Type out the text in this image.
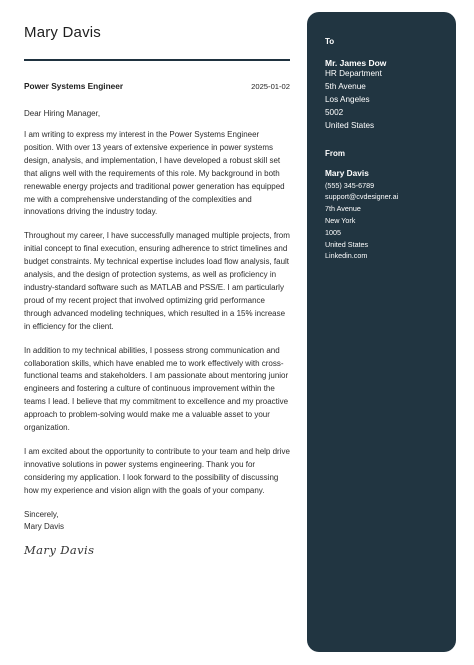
Mary Davis
Power Systems Engineer	2025-01-02
Dear Hiring Manager,

I am writing to express my interest in the Power Systems Engineer position. With over 13 years of extensive experience in power systems design, analysis, and implementation, I have developed a robust skill set that aligns well with the requirements of this role. My background in both renewable energy projects and traditional power generation has equipped me with a comprehensive understanding of the complexities and innovations driving the industry today.

Throughout my career, I have successfully managed multiple projects, from initial concept to final execution, ensuring adherence to strict timelines and budget constraints. My technical expertise includes load flow analysis, fault analysis, and the design of protection systems, as well as proficiency in industry-standard software such as MATLAB and PSS/E. I am particularly proud of my recent project that involved optimizing grid performance through advanced modeling techniques, which resulted in a 15% increase in efficiency for the client.

In addition to my technical abilities, I possess strong communication and collaboration skills, which have enabled me to work effectively with cross-functional teams and stakeholders. I am passionate about mentoring junior engineers and fostering a culture of continuous improvement within the teams I lead. I believe that my commitment to excellence and my proactive approach to problem-solving would make me a valuable asset to your organization.

I am excited about the opportunity to contribute to your team and help drive innovative solutions in power systems engineering. Thank you for considering my application. I look forward to the possibility of discussing how my experience and vision align with the goals of your company.

Sincerely,
Mary Davis
Mary Davis
To
Mr. James Dow
HR Department
5th Avenue
Los Angeles
5002
United States
From
Mary Davis
(555) 345-6789
support@cvdesigner.ai
7th Avenue
New York
1005
United States
Linkedin.com
